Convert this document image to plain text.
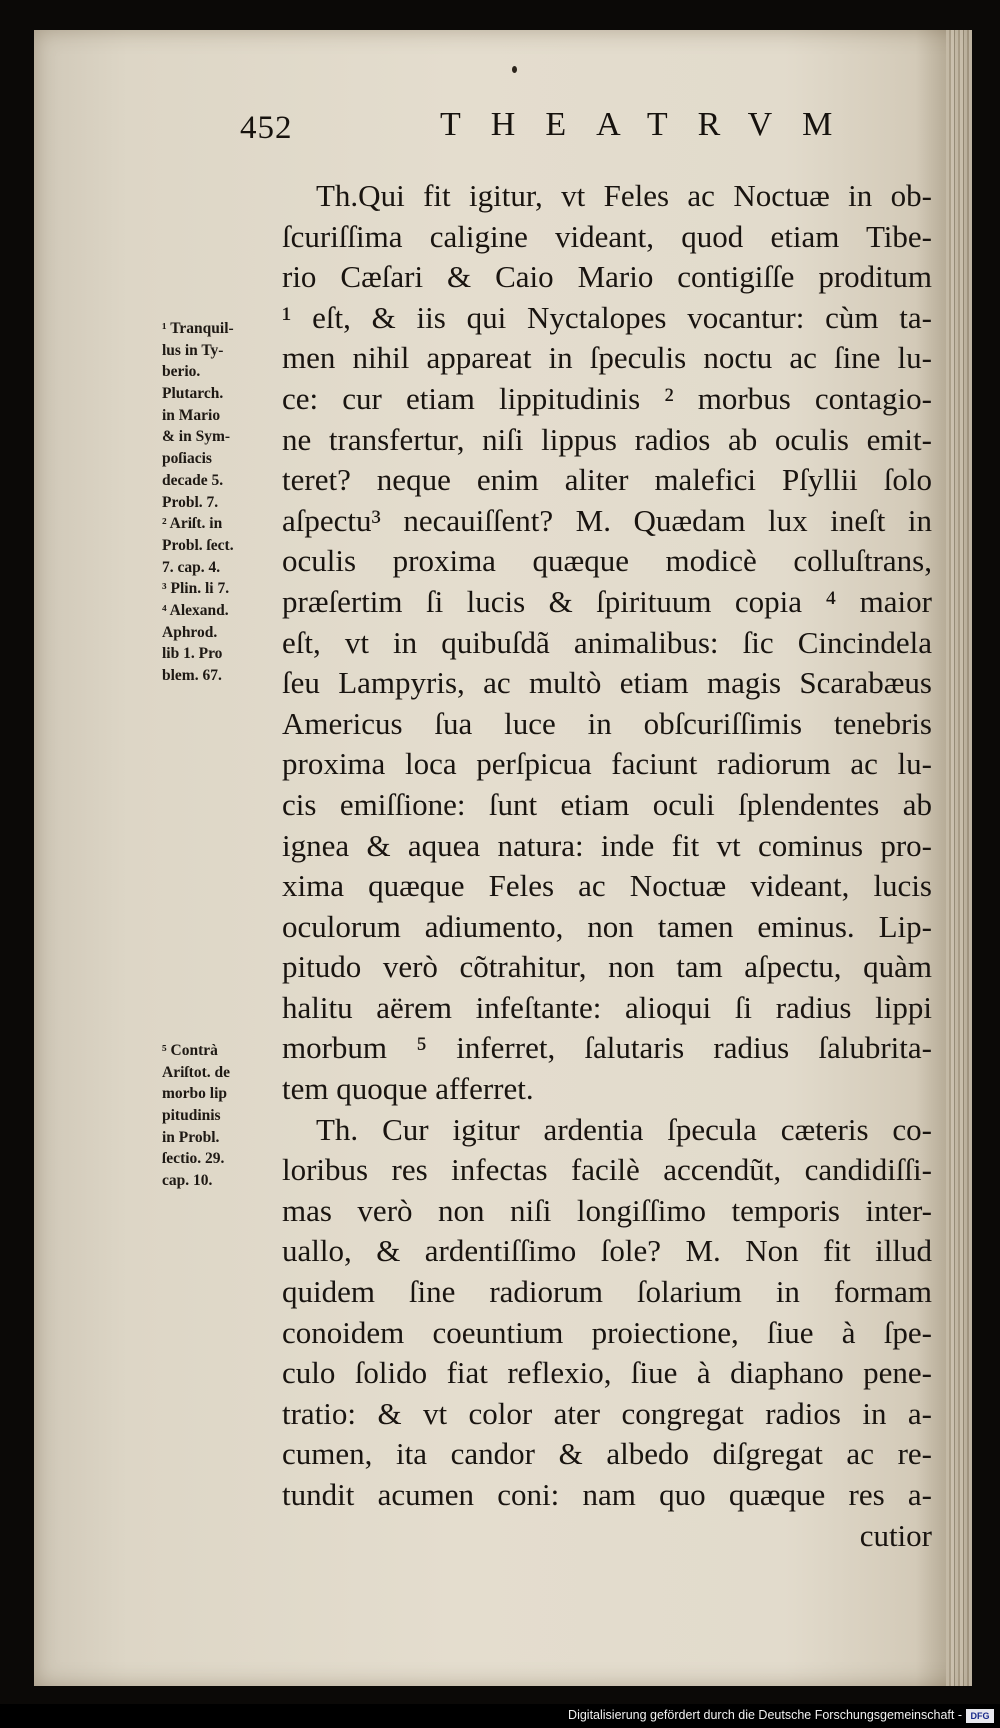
452	THEATRVM
¹ Tranquil-
lus in Ty-
berio.
Plutarch.
in Mario
& in Sym-
poſiacis
decade 5.
Probl. 7.
² Ariſt. in
Probl. ſect.
7. cap. 4.
³ Plin. li 7.
⁴ Alexand.
Aphrod.
lib 1. Pro
blem. 67.
⁵ Contrà
Ariſtot. de
morbo lip
pitudinis
in Probl.
ſectio. 29.
cap. 10.
Th.Qui fit igitur, vt Feles ac Noctuæ in ob-
ſcuriſſima caligine videant, quod etiam Tibe-
rio Cæſari & Caio Mario contigiſſe proditum
¹ eſt, & iis qui Nyctalopes vocantur: cùm ta-
men nihil appareat in ſpeculis noctu ac ſine lu-
ce: cur etiam lippitudinis ² morbus contagio-
ne transfertur, niſi lippus radios ab oculis emit-
teret? neque enim aliter malefici Pſyllii ſolo
aſpectu³ necauiſſent? M. Quædam lux ineſt in
oculis proxima quæque modicè colluſtrans,
præſertim ſi lucis & ſpirituum copia ⁴ maior
eſt, vt in quibuſdã animalibus: ſic Cincindela
ſeu Lampyris, ac multò etiam magis Scarabæus
Americus ſua luce in obſcuriſſimis tenebris
proxima loca perſpicua faciunt radiorum ac lu-
cis emiſſione: ſunt etiam oculi ſplendentes ab
ignea & aquea natura: inde fit vt cominus pro-
xima quæque Feles ac Noctuæ videant, lucis
oculorum adiumento, non tamen eminus. Lip-
pitudo verò cõtrahitur, non tam aſpectu, quàm
halitu aërem infeſtante: alioqui ſi radius lippi
morbum ⁵ inferret, ſalutaris radius ſalubrita-
tem quoque afferret.
Th. Cur igitur ardentia ſpecula cæteris co-
loribus res infectas facilè accendũt, candidiſſi-
mas verò non niſi longiſſimo temporis inter-
uallo, & ardentiſſimo ſole? M. Non fit illud
quidem ſine radiorum ſolarium in formam
conoidem coeuntium proiectione, ſiue à ſpe-
culo ſolido fiat reflexio, ſiue à diaphano pene-
tratio: & vt color ater congregat radios in a-
cumen, ita candor & albedo diſgregat ac re-
tundit acumen coni: nam quo quæque res a-
cutior
Digitalisierung gefördert durch die Deutsche Forschungsgemeinschaft - DFG
